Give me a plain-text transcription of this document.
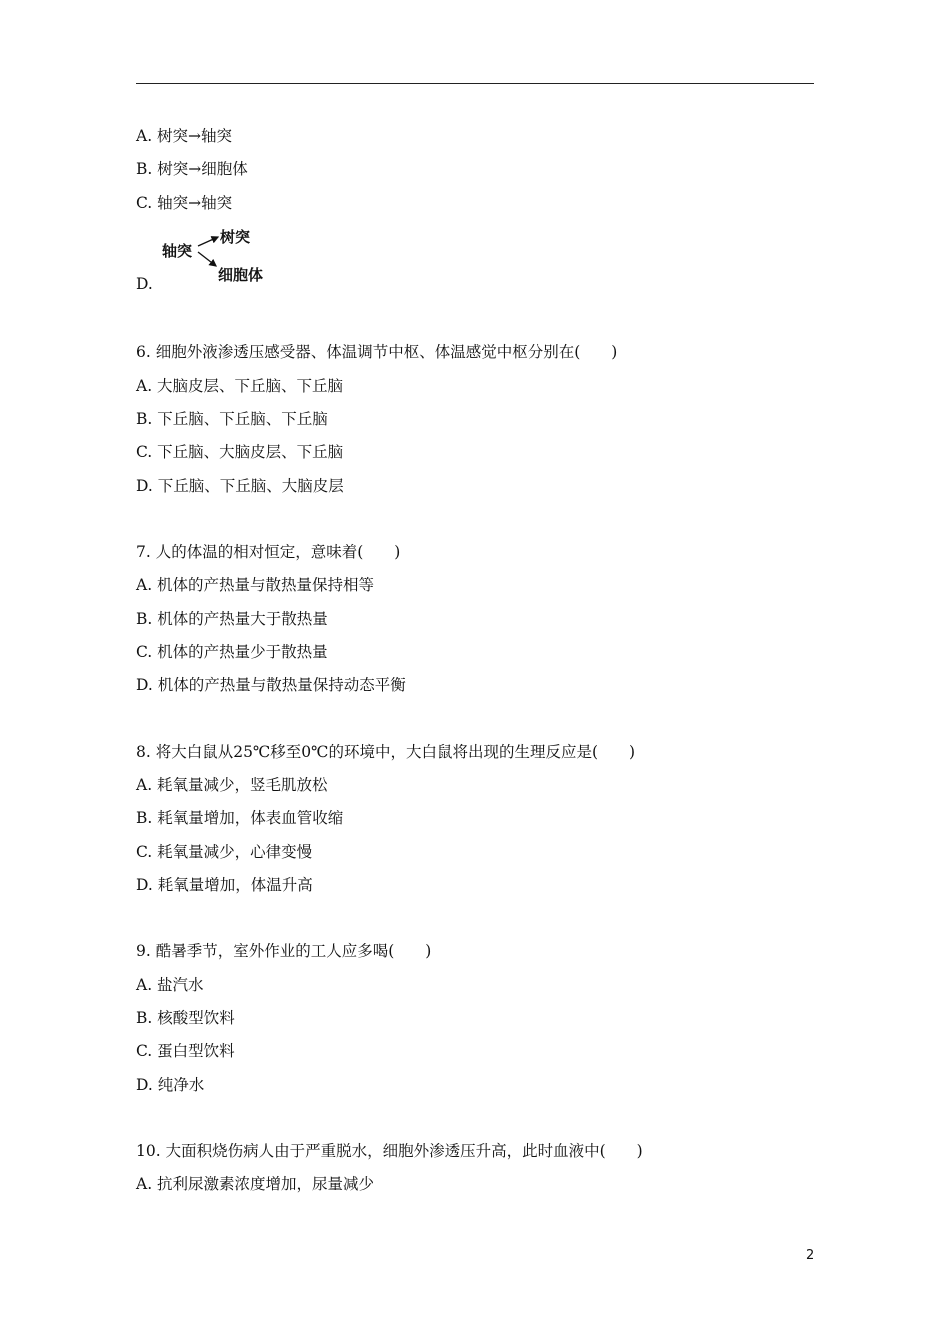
A. 树突→轴突
B. 树突→细胞体
C. 轴突→轴突
D.
轴突
树突
细胞体
6. 细胞外液渗透压感受器、体温调节中枢、体温感觉中枢分别在(　　)
A. 大脑皮层、下丘脑、下丘脑
B. 下丘脑、下丘脑、下丘脑
C. 下丘脑、大脑皮层、下丘脑
D. 下丘脑、下丘脑、大脑皮层
7. 人的体温的相对恒定，意味着(　　)
A. 机体的产热量与散热量保持相等
B. 机体的产热量大于散热量
C. 机体的产热量少于散热量
D. 机体的产热量与散热量保持动态平衡
8. 将大白鼠从25℃移至0℃的环境中，大白鼠将出现的生理反应是(　　)
A. 耗氧量减少，竖毛肌放松
B. 耗氧量增加，体表血管收缩
C. 耗氧量减少，心律变慢
D. 耗氧量增加，体温升高
9. 酷暑季节，室外作业的工人应多喝(　　)
A. 盐汽水
B. 核酸型饮料
C. 蛋白型饮料
D. 纯净水
10. 大面积烧伤病人由于严重脱水，细胞外渗透压升高，此时血液中(　　)
A. 抗利尿激素浓度增加，尿量减少
2
